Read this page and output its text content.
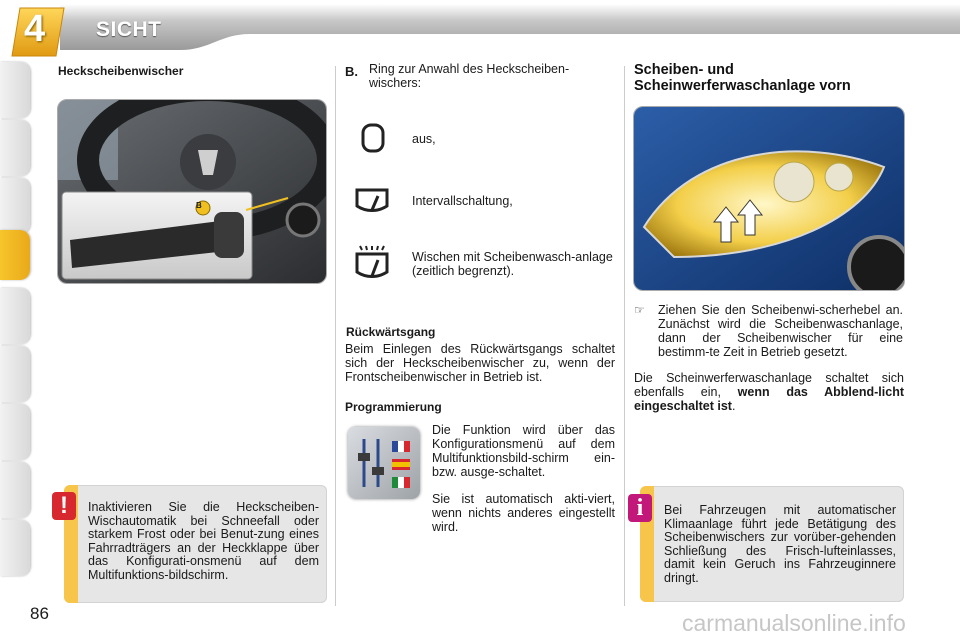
4 SICHT
Heckscheibenwischer
B
Inaktivieren Sie die Heckscheiben-Wischautomatik bei Schneefall oder starkem Frost oder bei Benut-zung eines Fahrradträgers an der Heckklappe über das Konfigurati-onsmenü auf dem Multifunktions-bildschirm.
!
B. Ring zur Anwahl des Heckscheiben-wischers:
aus,
Intervallschaltung,
Wischen mit Scheibenwasch-anlage (zeitlich begrenzt).
Rückwärtsgang
Beim Einlegen des Rückwärtsgangs schaltet sich der Heckscheibenwischer zu, wenn der Frontscheibenwischer in Betrieb ist.
Programmierung
Die Funktion wird über das Konfigurationsmenü auf dem Multifunktionsbild-schirm ein- bzw. ausge-schaltet.
Sie ist automatisch akti-viert, wenn nichts anderes eingestellt wird.
Scheiben- und
Scheinwerferwaschanlage vorn
☞ Ziehen Sie den Scheibenwi-scherhebel an. Zunächst wird die Scheibenwaschanlage, dann der Scheibenwischer für eine bestimm-te Zeit in Betrieb gesetzt.
Die Scheinwerferwaschanlage schaltet sich ebenfalls ein, wenn das Abblend-licht eingeschaltet ist.
Bei Fahrzeugen mit automatischer Klimaanlage führt jede Betätigung des Scheibenwischers zur vorüber-gehenden Schließung des Frisch-lufteinlasses, damit kein Geruch ins Fahrzeuginnere dringt.
i
86	carmanualsonline.info
